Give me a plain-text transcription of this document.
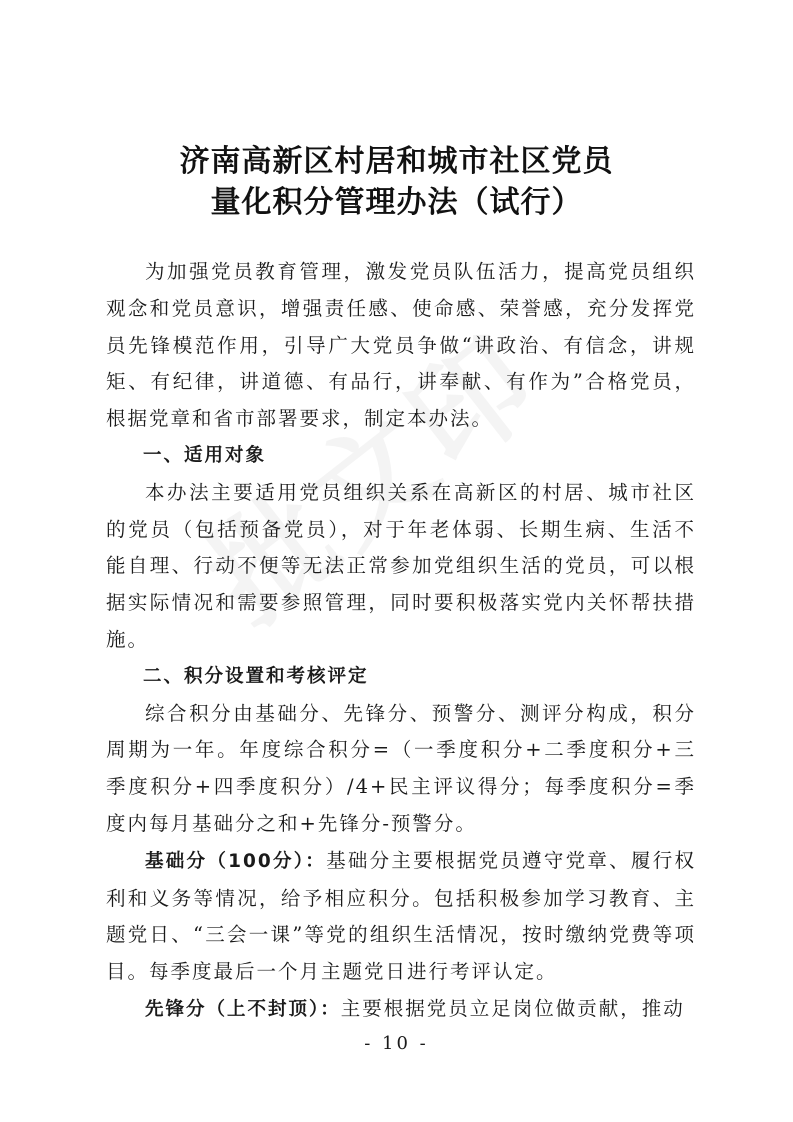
济南高新区村居和城市社区党员
量化积分管理办法（试行）

为加强党员教育管理，激发党员队伍活力，提高党员组织观念和党员意识，增强责任感、使命感、荣誉感，充分发挥党员先锋模范作用，引导广大党员争做“讲政治、有信念，讲规矩、有纪律，讲道德、有品行，讲奉献、有作为”合格党员，根据党章和省市部署要求，制定本办法。

一、适用对象

本办法主要适用党员组织关系在高新区的村居、城市社区的党员（包括预备党员），对于年老体弱、长期生病、生活不能自理、行动不便等无法正常参加党组织生活的党员，可以根据实际情况和需要参照管理，同时要积极落实党内关怀帮扶措施。

二、积分设置和考核评定

综合积分由基础分、先锋分、预警分、测评分构成，积分周期为一年。年度综合积分=（一季度积分+二季度积分+三季度积分+四季度积分）/4+民主评议得分；每季度积分=季度内每月基础分之和+先锋分-预警分。

基础分（100分）：基础分主要根据党员遵守党章、履行权利和义务等情况，给予相应积分。包括积极参加学习教育、主题党日、“三会一课”等党的组织生活情况，按时缴纳党费等项目。每季度最后一个月主题党日进行考评认定。

先锋分（上不封顶）：主要根据党员立足岗位做贡献，推动

- 10 -
